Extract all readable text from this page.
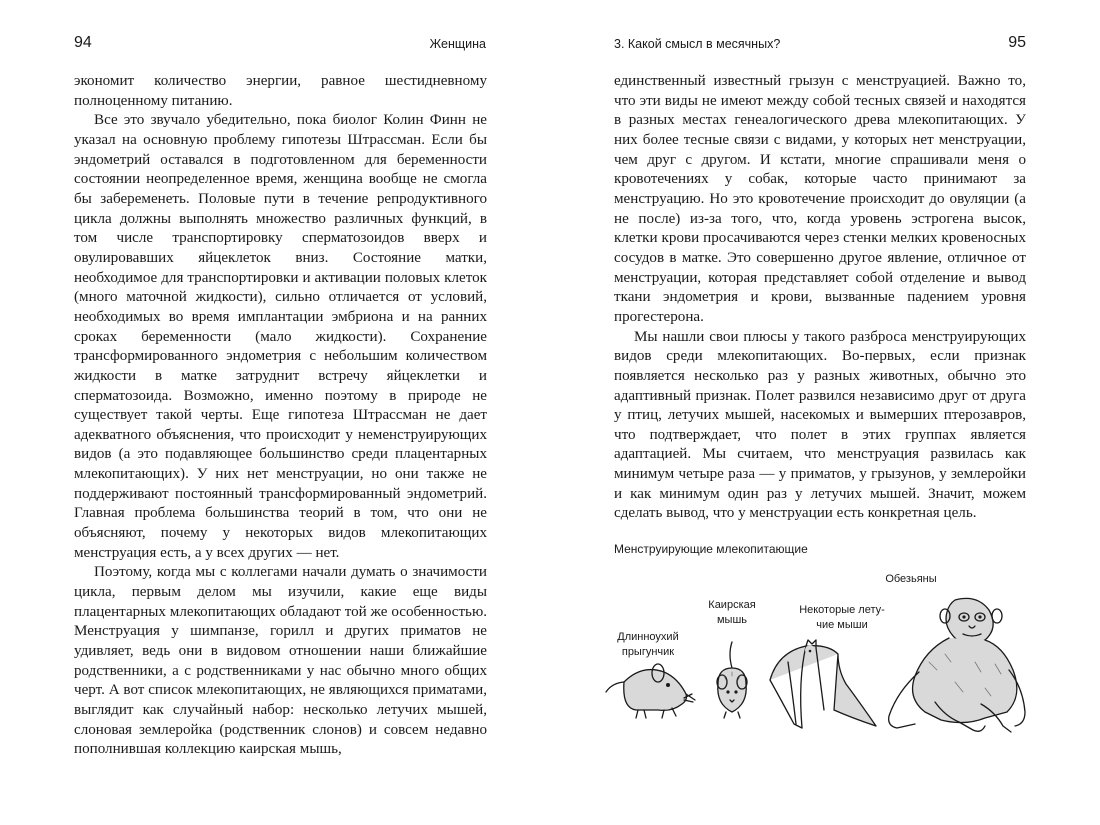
94	Женщина

экономит количество энергии, равное шестидневному полноценному питанию.

Все это звучало убедительно, пока биолог Колин Финн не указал на основную проблему гипотезы Штрассман. Если бы эндометрий оставался в подготовленном для беременности состоянии неопределенное время, женщина вообще не смогла бы забеременеть. Половые пути в течение репродуктивного цикла должны выполнять множество различных функций, в том числе транспортировку сперматозоидов вверх и овулировавших яйцеклеток вниз. Состояние матки, необходимое для транспортировки и активации половых клеток (много маточной жидкости), сильно отличается от условий, необходимых во время имплантации эмбриона и на ранних сроках беременности (мало жидкости). Сохранение трансформированного эндометрия с небольшим количеством жидкости в матке затруднит встречу яйцеклетки и сперматозоида. Возможно, именно поэтому в природе не существует такой черты. Еще гипотеза Штрассман не дает адекватного объяснения, что происходит у неменструирующих видов (а это подавляющее большинство среди плацентарных млекопитающих). У них нет менструации, но они также не поддерживают постоянный трансформированный эндометрий. Главная проблема большинства теорий в том, что они не объясняют, почему у некоторых видов млекопитающих менструация есть, а у всех других — нет.

Поэтому, когда мы с коллегами начали думать о значимости цикла, первым делом мы изучили, какие еще виды плацентарных млекопитающих обладают той же особенностью. Менструация у шимпанзе, горилл и других приматов не удивляет, ведь они в видовом отношении наши ближайшие родственники, а с родственниками у нас обычно много общих черт. А вот список млекопитающих, не являющихся приматами, выглядит как случайный набор: несколько летучих мышей, слоновая землеройка (родственник слонов) и совсем недавно пополнившая коллекцию каирская мышь,

3. Какой смысл в месячных?	95

единственный известный грызун с менструацией. Важно то, что эти виды не имеют между собой тесных связей и находятся в разных местах генеалогического древа млекопитающих. У них более тесные связи с видами, у которых нет менструации, чем друг с другом. И кстати, многие спрашивали меня о кровотечениях у собак, которые часто принимают за менструацию. Но это кровотечение происходит до овуляции (а не после) из-за того, что, когда уровень эстрогена высок, клетки крови просачиваются через стенки мелких кровеносных сосудов в матке. Это совершенно другое явление, отличное от менструации, которая представляет собой отделение и вывод ткани эндометрия и крови, вызванные падением уровня прогестерона.

Мы нашли свои плюсы у такого разброса менструирующих видов среди млекопитающих. Во-первых, если признак появляется несколько раз у разных животных, обычно это адаптивный признак. Полет развился независимо друг от друга у птиц, летучих мышей, насекомых и вымерших птерозавров, что подтверждает, что полет в этих группах является адаптацией. Мы считаем, что менструация развилась как минимум четыре раза — у приматов, у грызунов, у землеройки и как минимум один раз у летучих мышей. Значит, можем сделать вывод, что у менструации есть конкретная цель.

Менструирующие млекопитающие
Длинноухий
прыгунчик
Каирская
мышь
Некоторые лету-
чие мыши
Обезьяны
